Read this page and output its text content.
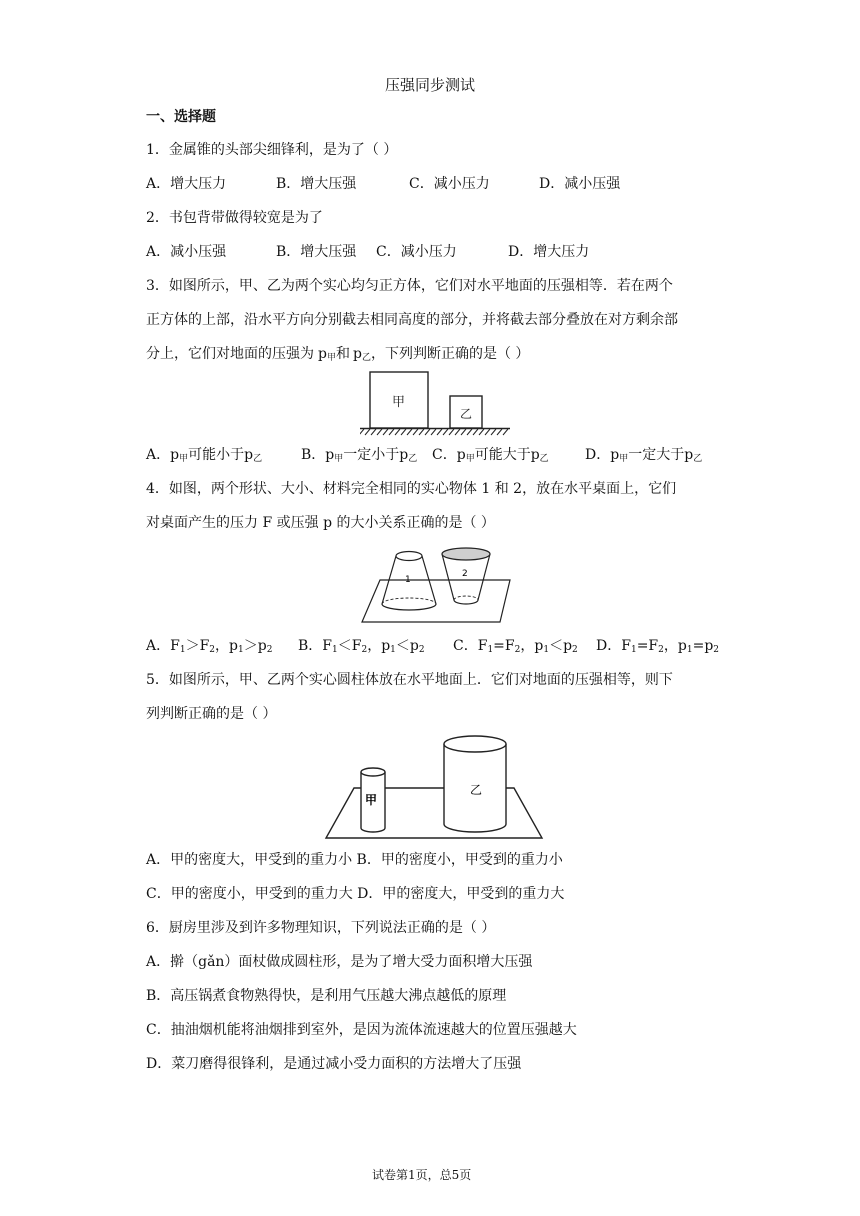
压强同步测试
一、选择题
1．金属锥的头部尖细锋利，是为了（ ）
A．增大压力	B．增大压强	C．减小压力	D．减小压强
2．书包背带做得较宽是为了
A．减小压强	B．增大压强 C．减小压力	D．增大压力
3．如图所示，甲、乙为两个实心均匀正方体，它们对水平地面的压强相等．若在两个
正方体的上部，沿水平方向分别截去相同高度的部分，并将截去部分叠放在对方剩余部
分上，它们对地面的压强为 $p_甲$和 $p_乙$，下列判断正确的是（ ）
甲
乙
A．$p_甲$可能小于$p_乙$	B．$p_甲$一定小于$p_乙$ C．$p_甲$可能大于$p_乙$	D．$p_甲$一定大于$p_乙$
4．如图，两个形状、大小、材料完全相同的实心物体 1 和 2，放在水平桌面上，它们
对桌面产生的压力 F 或压强 p 的大小关系正确的是（ ）
1
2
A．$F_1>F_2$，$p_1>p_2$ B．$F_1<F_2$，$p_1<p_2$ C．$F_1=F_2$，$p_1<p_2$ D．$F_1=F_2$，$p_1=p_2$
5．如图所示，甲、乙两个实心圆柱体放在水平地面上．它们对地面的压强相等，则下
列判断正确的是（ ）
甲
乙
A．甲的密度大，甲受到的重力小 B．甲的密度小，甲受到的重力小
C．甲的密度小，甲受到的重力大 D．甲的密度大，甲受到的重力大
6．厨房里涉及到许多物理知识，下列说法正确的是（ ）
A．擀（gǎn）面杖做成圆柱形，是为了增大受力面积增大压强
B．高压锅煮食物熟得快，是利用气压越大沸点越低的原理
C．抽油烟机能将油烟排到室外，是因为流体流速越大的位置压强越大
D．菜刀磨得很锋利，是通过减小受力面积的方法增大了压强
试卷第1页，总5页
